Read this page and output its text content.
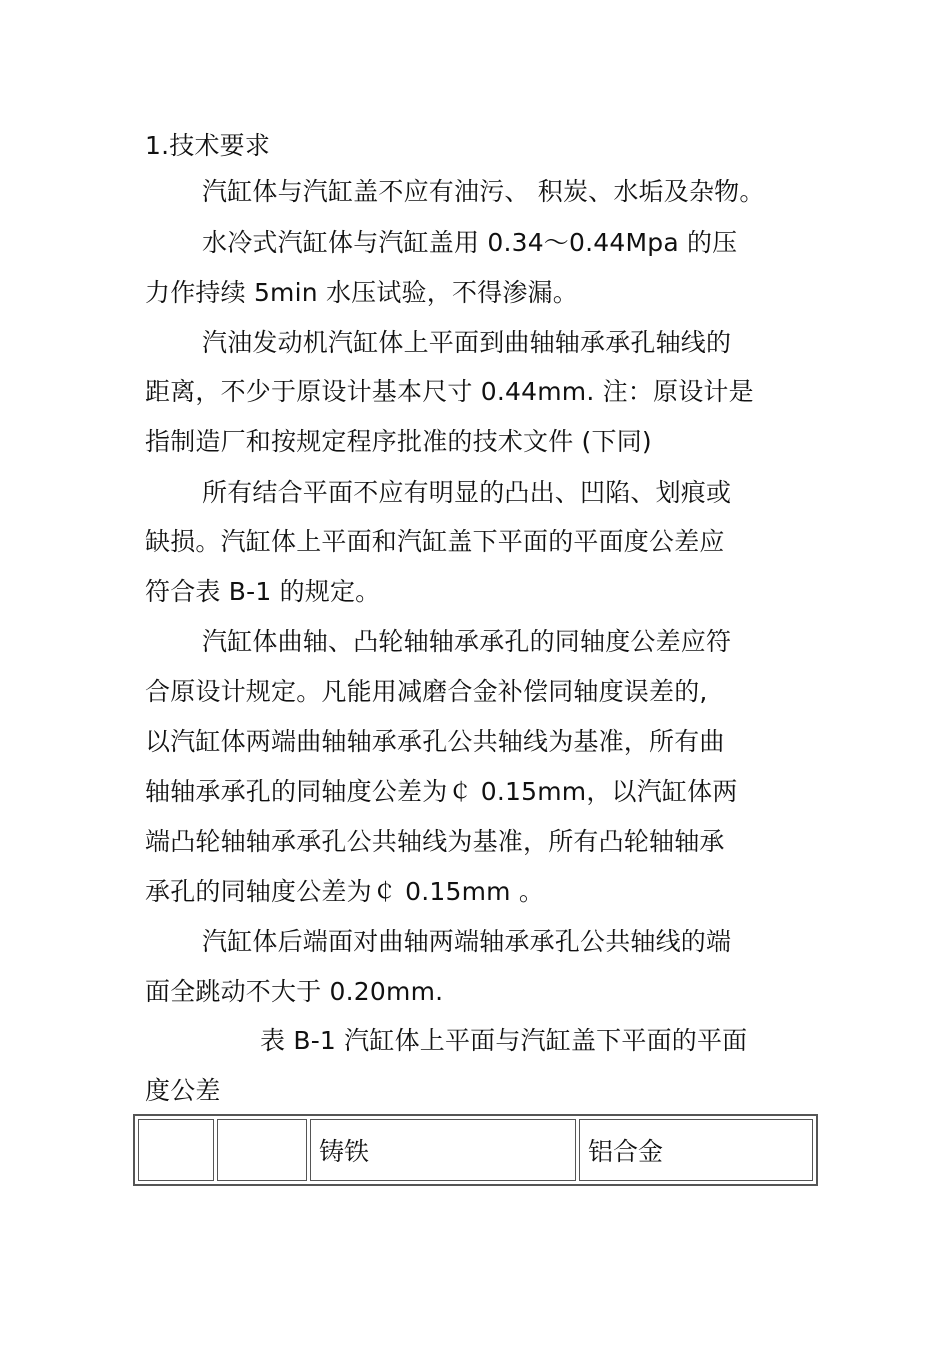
1.技术要求
汽缸体与汽缸盖不应有油污、 积炭、水垢及杂物。
水冷式汽缸体与汽缸盖用 0.34～0.44Mpa 的压
力作持续 5min 水压试验，不得渗漏。
汽油发动机汽缸体上平面到曲轴轴承承孔轴线的
距离，不少于原设计基本尺寸 0.44mm. 注：原设计是
指制造厂和按规定程序批准的技术文件 (下同)
所有结合平面不应有明显的凸出、凹陷、划痕或
缺损。汽缸体上平面和汽缸盖下平面的平面度公差应
符合表 B-1 的规定。
汽缸体曲轴、凸轮轴轴承承孔的同轴度公差应符
合原设计规定。凡能用减磨合金补偿同轴度误差的,
以汽缸体两端曲轴轴承承孔公共轴线为基准，所有曲
轴轴承承孔的同轴度公差为￠ 0.15mm，以汽缸体两
端凸轮轴轴承承孔公共轴线为基准，所有凸轮轴轴承
承孔的同轴度公差为￠ 0.15mm 。
汽缸体后端面对曲轴两端轴承承孔公共轴线的端
面全跳动不大于 0.20mm.
表 B-1 汽缸体上平面与汽缸盖下平面的平面
度公差
		铸铁	铝合金
